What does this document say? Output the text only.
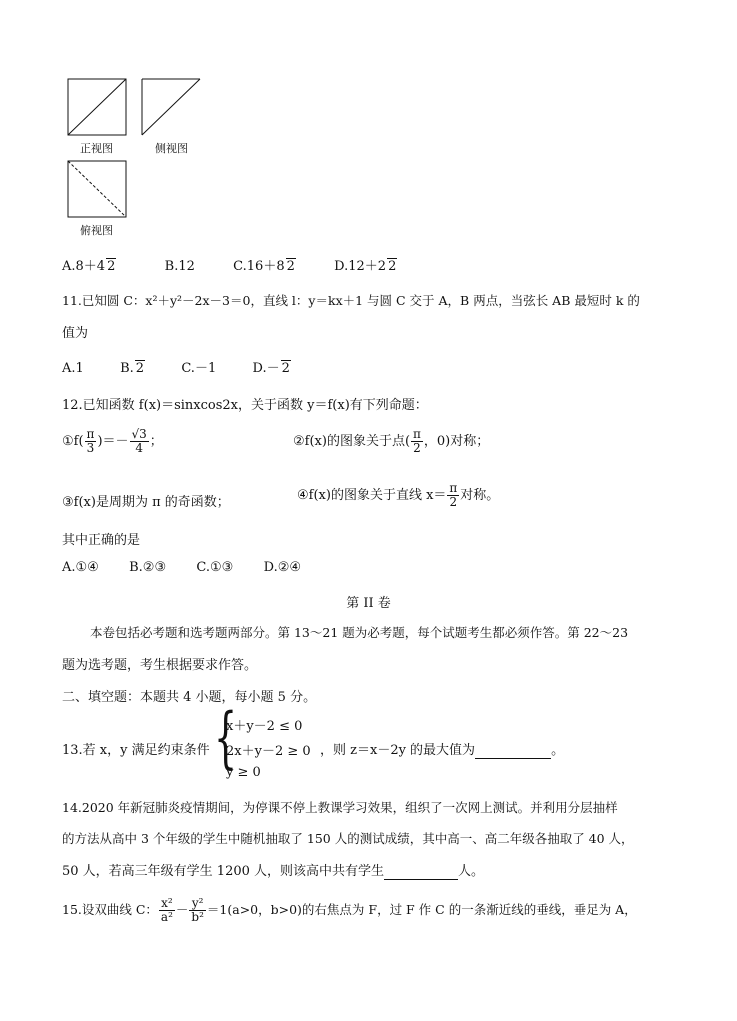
正视图	侧视图
俯视图
A.8＋4 2	B.12	C.16＋8 2	D.12＋2 2
11.已知圆 C：x²＋y²－2x－3＝0，直线 l：y＝kx＋1 与圆 C 交于 A，B 两点，当弦长 AB 最短时 k 的
值为
A.1	B. 2	C.－1	D.－ 2
12.已知函数 f(x)＝sinxcos2x，关于函数 y＝f(x)有下列命题：
①f( $\frac{\pi}{3}$ )＝－ $\frac{√3}{4}$ ；	②f(x)的图象关于点( $\frac{\pi}{2}$ ，0)对称；
③f(x)是周期为 π 的奇函数；	④f(x)的图象关于直线 $x= \frac{\pi}{2}$ 对称。
其中正确的是
A.①④ B.②③ C.①③ D.②④
第 II 卷
本卷包括必考题和选考题两部分。第 13～21 题为必考题，每个试题考生都必须作答。第 22～23
题为选考题，考生根据要求作答。
二、填空题：本题共 4 小题，每小题 5 分。
13.若 x，y 满足约束条件 {
x＋y－2 ≤ 0
2x＋y－2 ≥ 0
y ≥ 0
，则 z＝x－2y 的最大值为	。
14.2020 年新冠肺炎疫情期间，为停课不停上教课学习效果，组织了一次网上测试。并利用分层抽样
的方法从高中 3 个年级的学生中随机抽取了 150 人的测试成绩，其中高一、高二年级各抽取了 40 人，
50 人，若高三年级有学生 1200 人，则该高中共有学生	人。
15.设双曲线 C： $\frac{\text{x²}}{\text{a²}} - \frac{\text{y²}}{\text{b²}} =1(a>0$，b>0)的右焦点为 F，过 F 作 C 的一条渐近线的垂线，垂足为 A，
